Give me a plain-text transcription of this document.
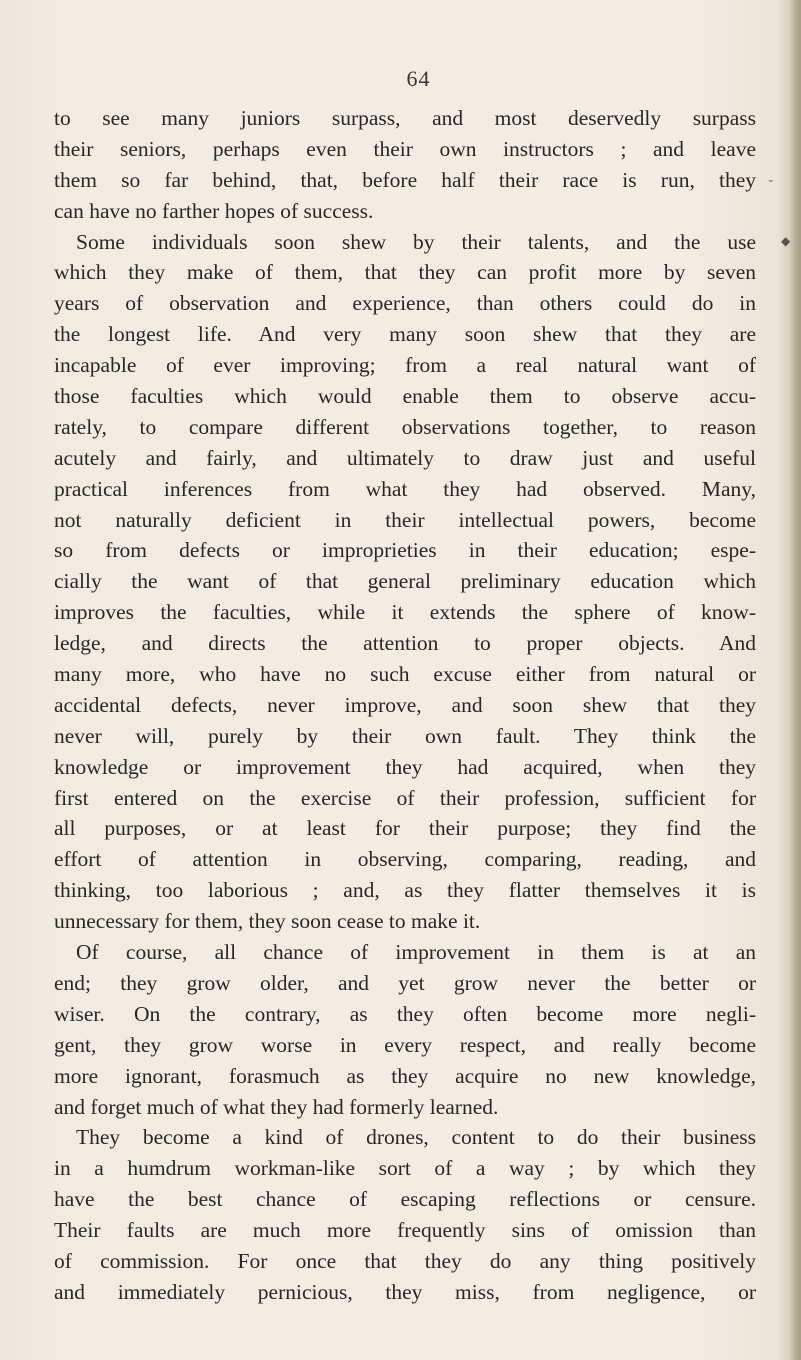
64
to see many juniors surpass, and most deservedly surpass
their seniors, perhaps even their own instructors ; and leave
them so far behind, that, before half their race is run, they
can have no farther hopes of success.
Some individuals soon shew by their talents, and the use
which they make of them, that they can profit more by seven
years of observation and experience, than others could do in
the longest life. And very many soon shew that they are
incapable of ever improving; from a real natural want of
those faculties which would enable them to observe accu-
rately, to compare different observations together, to reason
acutely and fairly, and ultimately to draw just and useful
practical inferences from what they had observed. Many,
not naturally deficient in their intellectual powers, become
so from defects or improprieties in their education; espe-
cially the want of that general preliminary education which
improves the faculties, while it extends the sphere of know-
ledge, and directs the attention to proper objects. And
many more, who have no such excuse either from natural or
accidental defects, never improve, and soon shew that they
never will, purely by their own fault. They think the
knowledge or improvement they had acquired, when they
first entered on the exercise of their profession, sufficient for
all purposes, or at least for their purpose; they find the
effort of attention in observing, comparing, reading, and
thinking, too laborious ; and, as they flatter themselves it is
unnecessary for them, they soon cease to make it.
Of course, all chance of improvement in them is at an
end; they grow older, and yet grow never the better or
wiser. On the contrary, as they often become more negli-
gent, they grow worse in every respect, and really become
more ignorant, forasmuch as they acquire no new knowledge,
and forget much of what they had formerly learned.
They become a kind of drones, content to do their business
in a humdrum workman-like sort of a way ; by which they
have the best chance of escaping reflections or censure.
Their faults are much more frequently sins of omission than
of commission. For once that they do any thing positively
and immediately pernicious, they miss, from negligence, or
◆
⌄
